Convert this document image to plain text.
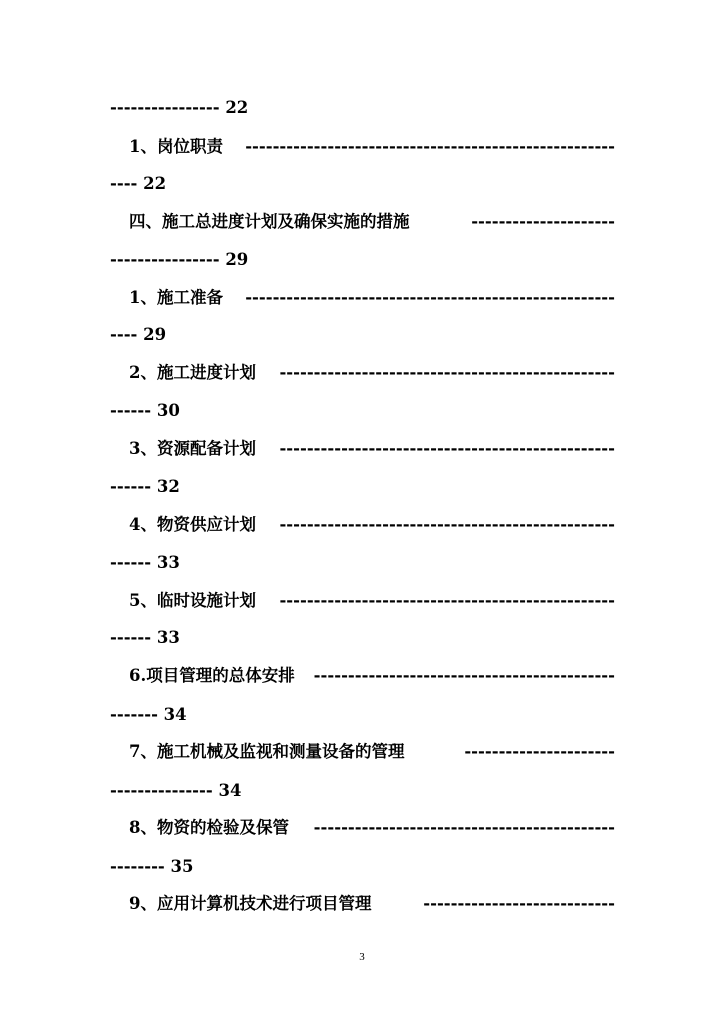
---------------- 22
1、岗位职责	------------------------------------------------------
---- 22
四、施工总进度计划及确保实施的措施	---------------------
---------------- 29
1、施工准备	------------------------------------------------------
---- 29
2、施工进度计划	-------------------------------------------------
------ 30
3、资源配备计划	-------------------------------------------------
------ 32
4、物资供应计划	-------------------------------------------------
------ 33
5、临时设施计划	-------------------------------------------------
------ 33
6.项目管理的总体安排	--------------------------------------------
------- 34
7、施工机械及监视和测量设备的管理	----------------------
--------------- 34
8、物资的检验及保管	--------------------------------------------
-------- 35
9、应用计算机技术进行项目管理	----------------------------
3
